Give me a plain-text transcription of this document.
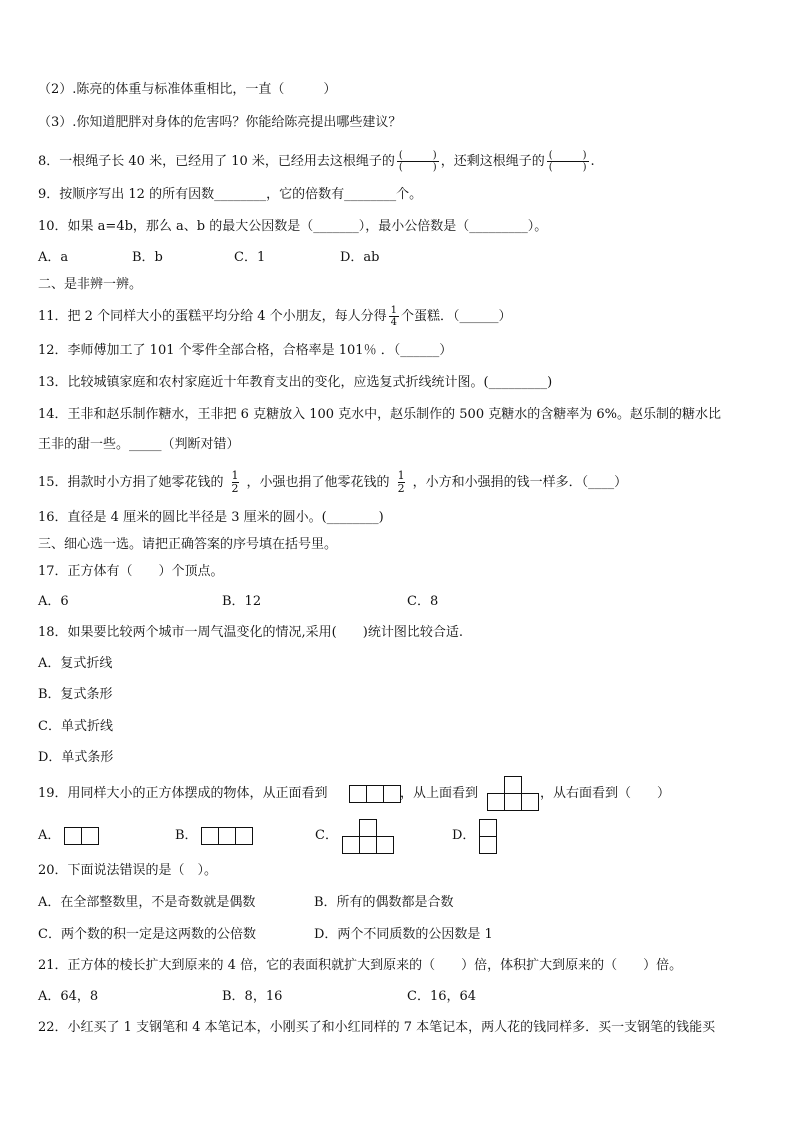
（2）.陈亮的体重与标准体重相比，一直（　　　）
（3）.你知道肥胖对身体的危害吗？你能给陈亮提出哪些建议？
8．一根绳子长 40 米，已经用了 10 米，已经用去这根绳子的 $\frac{( )}{( )}$ ，还剩这根绳子的 $\frac{( )}{( )}$ .
9．按顺序写出 12 的所有因数________，它的倍数有________个。
10．如果 a=4b，那么 a、b 的最大公因数是（_______），最小公倍数是（_________）。
A．a	B．b	C．1	D．ab
二、是非辨一辨。
11．把 2 个同样大小的蛋糕平均分给 4 个小朋友，每人分得 $\frac{1}{4}$ 个蛋糕．（______）
12．李师傅加工了 101 个零件全部合格，合格率是 101％ ．（______）
13．比较城镇家庭和农村家庭近十年教育支出的变化，应选复式折线统计图。(_________)
14．王非和赵乐制作糖水，王非把 6 克糖放入 100 克水中，赵乐制作的 500 克糖水的含糖率为 6%。赵乐制的糖水比
王非的甜一些。_____（判断对错）
15．捐款时小方捐了她零花钱的 $\frac{1}{2}$ ，小强也捐了他零花钱的 $\frac{1}{2}$ ，小方和小强捐的钱一样多．（____）
16．直径是 4 厘米的圆比半径是 3 厘米的圆小。(________)
三、细心选一选。请把正确答案的序号填在括号里。
17．正方体有（　　）个顶点。
A．6	B．12	C．8
18．如果要比较两个城市一周气温变化的情况,采用(　　)统计图比较合适.
A．复式折线
B．复式条形
C．单式折线
D．单式条形
19．用同样大小的正方体摆成的物体，从正面看到	，从上面看到	，从右面看到（　　）
A．	B．	C．	D．
20．下面说法错误的是（　）。
A．在全部整数里，不是奇数就是偶数	B．所有的偶数都是合数
C．两个数的积一定是这两数的公倍数	D．两个不同质数的公因数是 1
21．正方体的棱长扩大到原来的 4 倍，它的表面积就扩大到原来的（　　）倍，体积扩大到原来的（　　）倍。
A．64，8	B．8，16	C．16，64
22．小红买了 1 支钢笔和 4 本笔记本，小刚买了和小红同样的 7 本笔记本，两人花的钱同样多．买一支钢笔的钱能买
